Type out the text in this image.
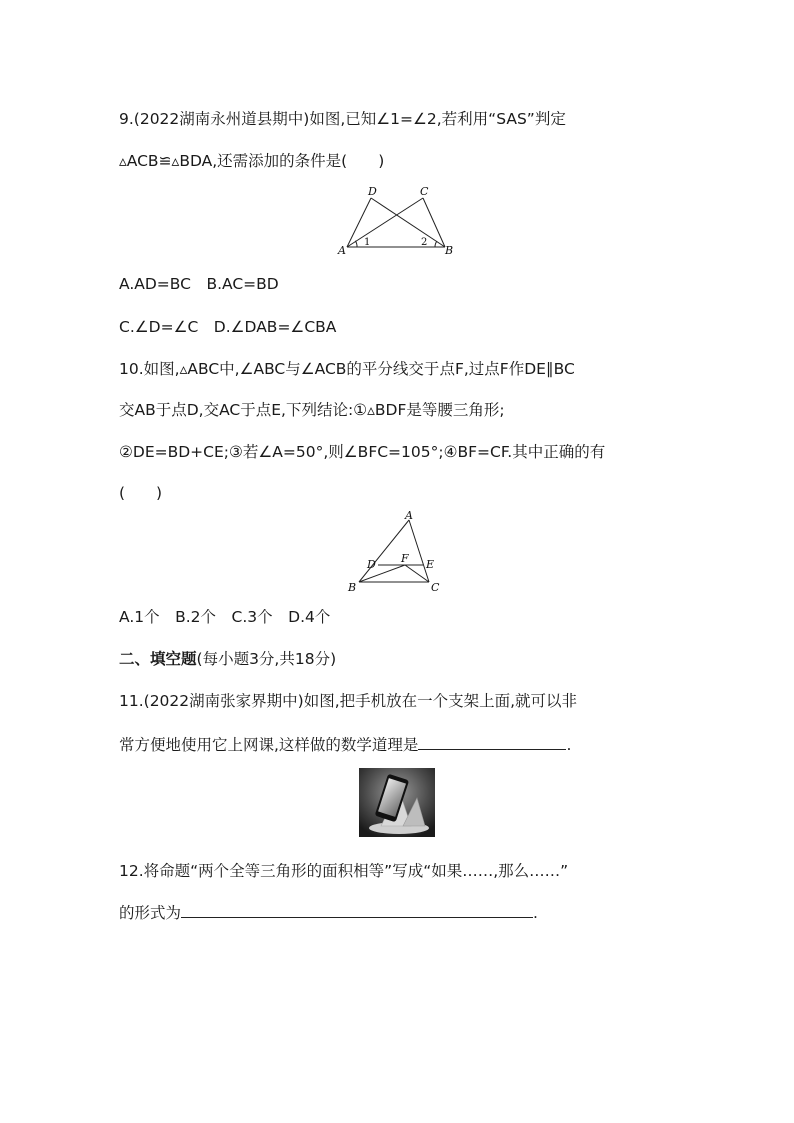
9.(2022湖南永州道县期中)如图,已知∠1=∠2,若利用“SAS”判定
▵ACB≌▵BDA,还需添加的条件是(　　)
D	C
A	B
1	2
A.AD=BC　B.AC=BD
C.∠D=∠C　D.∠DAB=∠CBA
10.如图,▵ABC中,∠ABC与∠ACB的平分线交于点F,过点F作DE∥BC
交AB于点D,交AC于点E,下列结论:①▵BDF是等腰三角形;
②DE=BD+CE;③若∠A=50°,则∠BFC=105°;④BF=CF.其中正确的有
(　　)
A
B	C
D	E
F
A.1个　B.2个　C.3个　D.4个
二、填空题(每小题3分,共18分)
11.(2022湖南张家界期中)如图,把手机放在一个支架上面,就可以非
常方便地使用它上网课,这样做的数学道理是	.
12.将命题“两个全等三角形的面积相等”写成“如果……,那么……”
的形式为	.
